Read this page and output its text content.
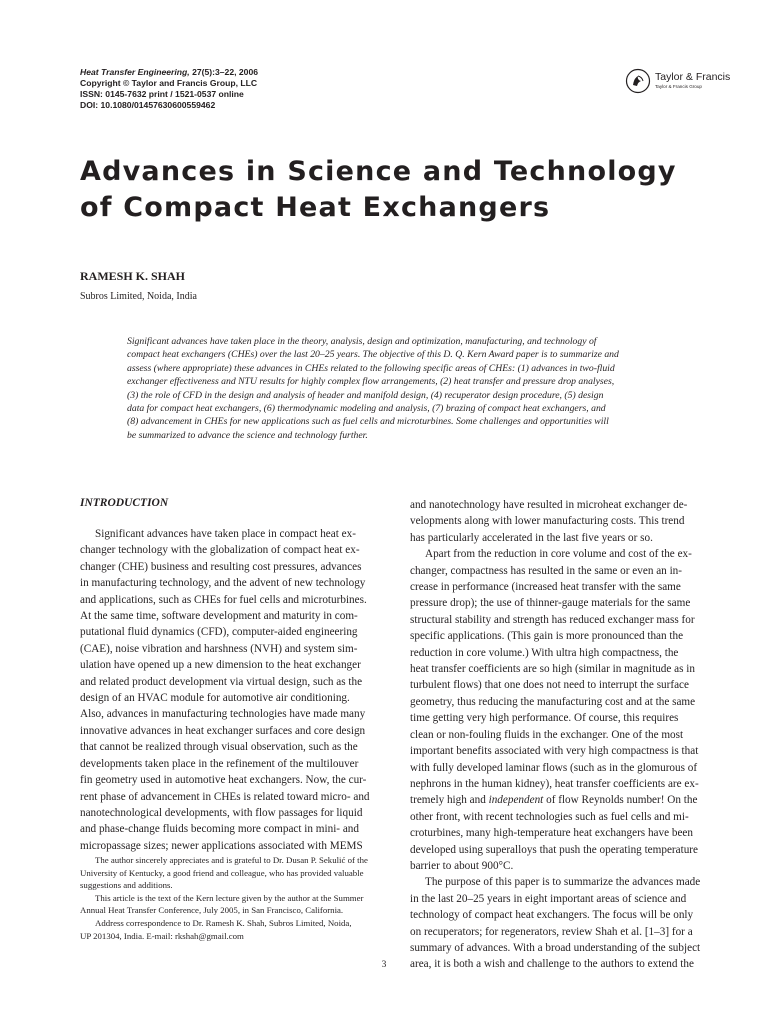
Heat Transfer Engineering, 27(5):3–22, 2006
Copyright © Taylor and Francis Group, LLC
ISSN: 0145-7632 print / 1521-0537 online
DOI: 10.1080/01457630600559462
Taylor & Francis
Taylor & Francis Group
Advances in Science and Technology
of Compact Heat Exchangers
RAMESH K. SHAH
Subros Limited, Noida, India
Significant advances have taken place in the theory, analysis, design and optimization, manufacturing, and technology of
compact heat exchangers (CHEs) over the last 20–25 years. The objective of this D. Q. Kern Award paper is to summarize and
assess (where appropriate) these advances in CHEs related to the following specific areas of CHEs: (1) advances in two-fluid
exchanger effectiveness and NTU results for highly complex flow arrangements, (2) heat transfer and pressure drop analyses,
(3) the role of CFD in the design and analysis of header and manifold design, (4) recuperator design procedure, (5) design
data for compact heat exchangers, (6) thermodynamic modeling and analysis, (7) brazing of compact heat exchangers, and
(8) advancement in CHEs for new applications such as fuel cells and microturbines. Some challenges and opportunities will
be summarized to advance the science and technology further.
INTRODUCTION
Significant advances have taken place in compact heat ex-
changer technology with the globalization of compact heat ex-
changer (CHE) business and resulting cost pressures, advances
in manufacturing technology, and the advent of new technology
and applications, such as CHEs for fuel cells and microturbines.
At the same time, software development and maturity in com-
putational fluid dynamics (CFD), computer-aided engineering
(CAE), noise vibration and harshness (NVH) and system sim-
ulation have opened up a new dimension to the heat exchanger
and related product development via virtual design, such as the
design of an HVAC module for automotive air conditioning.
Also, advances in manufacturing technologies have made many
innovative advances in heat exchanger surfaces and core design
that cannot be realized through visual observation, such as the
developments taken place in the refinement of the multilouver
fin geometry used in automotive heat exchangers. Now, the cur-
rent phase of advancement in CHEs is related toward micro- and
nanotechnological developments, with flow passages for liquid
and phase-change fluids becoming more compact in mini- and
micropassage sizes; newer applications associated with MEMS
The author sincerely appreciates and is grateful to Dr. Dusan P. Sekulić of the
University of Kentucky, a good friend and colleague, who has provided valuable
suggestions and additions.
This article is the text of the Kern lecture given by the author at the Summer
Annual Heat Transfer Conference, July 2005, in San Francisco, California.
Address correspondence to Dr. Ramesh K. Shah, Subros Limited, Noida,
UP 201304, India. E-mail: rkshah@gmail.com
and nanotechnology have resulted in microheat exchanger de-
velopments along with lower manufacturing costs. This trend
has particularly accelerated in the last five years or so.
Apart from the reduction in core volume and cost of the ex-
changer, compactness has resulted in the same or even an in-
crease in performance (increased heat transfer with the same
pressure drop); the use of thinner-gauge materials for the same
structural stability and strength has reduced exchanger mass for
specific applications. (This gain is more pronounced than the
reduction in core volume.) With ultra high compactness, the
heat transfer coefficients are so high (similar in magnitude as in
turbulent flows) that one does not need to interrupt the surface
geometry, thus reducing the manufacturing cost and at the same
time getting very high performance. Of course, this requires
clean or non-fouling fluids in the exchanger. One of the most
important benefits associated with very high compactness is that
with fully developed laminar flows (such as in the glomurous of
nephrons in the human kidney), heat transfer coefficients are ex-
tremely high and independent of flow Reynolds number! On the
other front, with recent technologies such as fuel cells and mi-
croturbines, many high-temperature heat exchangers have been
developed using superalloys that push the operating temperature
barrier to about 900°C.
The purpose of this paper is to summarize the advances made
in the last 20–25 years in eight important areas of science and
technology of compact heat exchangers. The focus will be only
on recuperators; for regenerators, review Shah et al. [1–3] for a
summary of advances. With a broad understanding of the subject
area, it is both a wish and challenge to the authors to extend the
3
